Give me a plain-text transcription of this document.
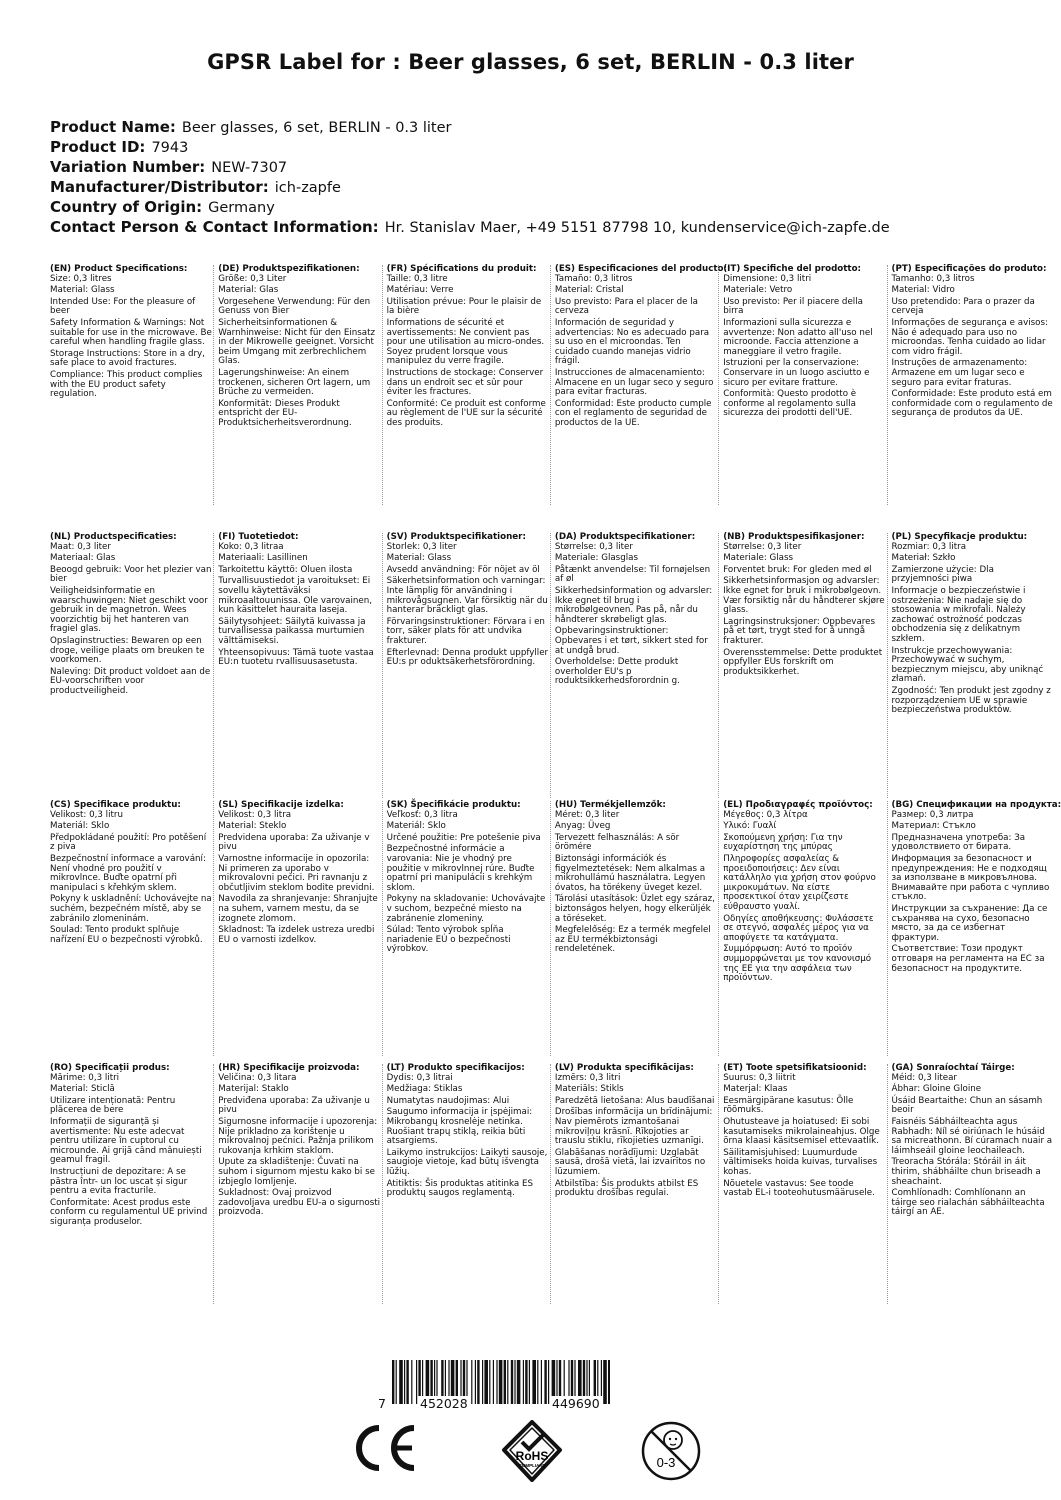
GPSR Label for : Beer glasses, 6 set, BERLIN - 0.3 liter
Product Name: Beer glasses, 6 set, BERLIN - 0.3 liter
Product ID: 7943
Variation Number: NEW-7307
Manufacturer/Distributor: ich-zapfe
Country of Origin: Germany
Contact Person & Contact Information: Hr. Stanislav Maer, +49 5151 87798 10, kundenservice@ich-zapfe.de
(EN) Product Specifications:
Size: 0,3 litres
Material: Glass
Intended Use: For the pleasure of beer
Safety Information & Warnings: Not suitable for use in the microwave. Be careful when handling fragile glass.
Storage Instructions: Store in a dry, safe place to avoid fractures.
Compliance: This product complies with the EU product safety regulation.
(DE) Produktspezifikationen:
Größe: 0,3 Liter
Material: Glas
Vorgesehene Verwendung: Für den Genuss von Bier
Sicherheitsinformationen & Warnhinweise: Nicht für den Einsatz in der Mikrowelle geeignet. Vorsicht beim Umgang mit zerbrechlichem Glas.
Lagerungshinweise: An einem trockenen, sicheren Ort lagern, um Brüche zu vermeiden.
Konformität: Dieses Produkt entspricht der EU-Produktsicherheitsverordnung.
(FR) Spécifications du produit:
Taille: 0,3 litre
Matériau: Verre
Utilisation prévue: Pour le plaisir de la bière
Informations de sécurité et avertissements: Ne convient pas pour une utilisation au micro-ondes. Soyez prudent lorsque vous manipulez du verre fragile.
Instructions de stockage: Conserver dans un endroit sec et sûr pour éviter les fractures.
Conformité: Ce produit est conforme au règlement de l'UE sur la sécurité des produits.
(ES) Especificaciones del producto:
Tamaño: 0,3 litros
Material: Cristal
Uso previsto: Para el placer de la cerveza
Información de seguridad y advertencias: No es adecuado para su uso en el microondas. Ten cuidado cuando manejas vidrio frágil.
Instrucciones de almacenamiento: Almacene en un lugar seco y seguro para evitar fracturas.
Conformidad: Este producto cumple con el reglamento de seguridad de productos de la UE.
(IT) Specifiche del prodotto:
Dimensione: 0,3 litri
Materiale: Vetro
Uso previsto: Per il piacere della birra
Informazioni sulla sicurezza e avvertenze: Non adatto all'uso nel microonde. Faccia attenzione a maneggiare il vetro fragile.
Istruzioni per la conservazione: Conservare in un luogo asciutto e sicuro per evitare fratture.
Conformità: Questo prodotto è conforme al regolamento sulla sicurezza dei prodotti dell'UE.
(PT) Especificações do produto:
Tamanho: 0,3 litros
Material: Vidro
Uso pretendido: Para o prazer da cerveja
Informações de segurança e avisos: Não é adequado para uso no microondas. Tenha cuidado ao lidar com vidro frágil.
Instruções de armazenamento: Armazene em um lugar seco e seguro para evitar fraturas.
Conformidade: Este produto está em conformidade com o regulamento de segurança de produtos da UE.
(NL) Productspecificaties:
Maat: 0,3 liter
Materiaal: Glas
Beoogd gebruik: Voor het plezier van bier
Veiligheidsinformatie en waarschuwingen: Niet geschikt voor gebruik in de magnetron. Wees voorzichtig bij het hanteren van fragiel glas.
Opslaginstructies: Bewaren op een droge, veilige plaats om breuken te voorkomen.
Naleving: Dit product voldoet aan de EU-voorschriften voor productveiligheid.
(FI) Tuotetiedot:
Koko: 0,3 litraa
Materiaali: Lasillinen
Tarkoitettu käyttö: Oluen ilosta
Turvallisuustiedot ja varoitukset: Ei sovellu käytettäväksi mikroaaltouunissa. Ole varovainen, kun käsittelet hauraita laseja.
Säilytysohjeet: Säilytä kuivassa ja turvallisessa paikassa murtumien välttämiseksi.
Yhteensopivuus: Tämä tuote vastaa EU:n tuotetu rvallisuusasetusta.
(SV) Produktspecifikationer:
Storlek: 0,3 liter
Material: Glass
Avsedd användning: För nöjet av öl
Säkerhetsinformation och varningar: Inte lämplig för användning i mikrovågsugnen. Var försiktig när du hanterar bräckligt glas.
Förvaringsinstruktioner: Förvara i en torr, säker plats för att undvika frakturer.
Efterlevnad: Denna produkt uppfyller EU:s pr oduktsäkerhetsförordning.
(DA) Produktspecifikationer:
Størrelse: 0,3 liter
Materiale: Glasglas
Påtænkt anvendelse: Til fornøjelsen af øl
Sikkerhedsinformation og advarsler: Ikke egnet til brug i mikrobølgeovnen. Pas på, når du håndterer skrøbeligt glas.
Opbevaringsinstruktioner: Opbevares i et tørt, sikkert sted for at undgå brud.
Overholdelse: Dette produkt overholder EU's p roduktsikkerhedsforordnin g.
(NB) Produktspesifikasjoner:
Størrelse: 0,3 liter
Materiale: Glass
Forventet bruk: For gleden med øl
Sikkerhetsinformasjon og advarsler: Ikke egnet for bruk i mikrobølgeovn. Vær forsiktig når du håndterer skjøre glass.
Lagringsinstruksjoner: Oppbevares på et tørt, trygt sted for å unngå frakturer.
Overensstemmelse: Dette produktet oppfyller EUs forskrift om produktsikkerhet.
(PL) Specyfikacje produktu:
Rozmiar: 0,3 litra
Materiał: Szkło
Zamierzone użycie: Dla przyjemności piwa
Informacje o bezpieczeństwie i ostrzeżenia: Nie nadaje się do stosowania w mikrofali. Należy zachować ostrożność podczas obchodzenia się z delikatnym szkłem.
Instrukcje przechowywania: Przechowywać w suchym, bezpiecznym miejscu, aby uniknąć złamań.
Zgodność: Ten produkt jest zgodny z rozporządzeniem UE w sprawie bezpieczeństwa produktów.
(CS) Specifikace produktu:
Velikost: 0,3 litru
Materiál: Sklo
Předpokládané použití: Pro potěšení z piva
Bezpečnostní informace a varování: Není vhodné pro použití v mikrovlnce. Buďte opatrní při manipulaci s křehkým sklem.
Pokyny k uskladnění: Uchovávejte na suchém, bezpečném místě, aby se zabránilo zlomeninám.
Soulad: Tento produkt splňuje nařízení EU o bezpečnosti výrobků.
(SL) Specifikacije izdelka:
Velikost: 0,3 litra
Material: Steklo
Predvidena uporaba: Za uživanje v pivu
Varnostne informacije in opozorila: Ni primeren za uporabo v mikrovalovni pečici. Pri ravnanju z občutljivim steklom bodite previdni.
Navodila za shranjevanje: Shranjujte na suhem, varnem mestu, da se izognete zlomom.
Skladnost: Ta izdelek ustreza uredbi EU o varnosti izdelkov.
(SK) Špecifikácie produktu:
Veľkosť: 0,3 litra
Materiál: Sklo
Určené použitie: Pre potešenie piva
Bezpečnostné informácie a varovania: Nie je vhodný pre použitie v mikrovlnnej rúre. Buďte opatrní pri manipulácii s krehkým sklom.
Pokyny na skladovanie: Uchovávajte v suchom, bezpečné miesto na zabránenie zlomeniny.
Súlad: Tento výrobok spĺňa nariadenie EÚ o bezpečnosti výrobkov.
(HU) Termékjellemzők:
Méret: 0,3 liter
Anyag: Üveg
Tervezett felhasználás: A sör örömére
Biztonsági információk és figyelmeztetések: Nem alkalmas a mikrohullámú használatra. Legyen óvatos, ha törékeny üveget kezel.
Tárolási utasítások: Üzlet egy száraz, biztonságos helyen, hogy elkerüljék a töréseket.
Megfelelőség: Ez a termék megfelel az EU termékbiztonsági rendeletének.
(EL) Προδιαγραφές προϊόντος:
Μέγεθος: 0,3 λίτρα
Υλικό: Γυαλί
Σκοπούμενη χρήση: Για την ευχαρίστηση της μπύρας
Πληροφορίες ασφαλείας & προειδοποιήσεις: Δεν είναι κατάλληλο για χρήση στον φούρνο μικροκυμάτων. Να είστε προσεκτικοί όταν χειρίζεστε εύθραυστο γυαλί.
Οδηγίες αποθήκευσης: Φυλάσσετε σε στεγνό, ασφαλές μέρος για να αποφύγετε τα κατάγματα.
Συμμόρφωση: Αυτό το προϊόν συμμορφώνεται με τον κανονισμό της ΕΕ για την ασφάλεια των προϊόντων.
(BG) Спецификации на продукта:
Размер: 0,3 литра
Материал: Стъкло
Предназначена употреба: За удоволствието от бирата.
Информация за безопасност и предупреждения: Не е подходящ за използване в микровълнова. Внимавайте при работа с чупливо стъкло.
Инструкции за съхранение: Да се съхранява на сухо, безопасно място, за да се избегнат фрактури.
Съответствие: Този продукт отговаря на регламента на ЕС за безопасност на продуктите.
(RO) Specificații produs:
Mărime: 0,3 litri
Material: Sticlă
Utilizare intenționată: Pentru plăcerea de bere
Informații de siguranță și avertismente: Nu este adecvat pentru utilizare în cuptorul cu microunde. Ai grijă când mânuiești geamul fragil.
Instrucțiuni de depozitare: A se păstra într- un loc uscat și sigur pentru a evita fracturile.
Conformitate: Acest produs este conform cu regulamentul UE privind siguranța produselor.
(HR) Specifikacije proizvoda:
Veličina: 0,3 litara
Materijal: Staklo
Predviđena uporaba: Za uživanje u pivu
Sigurnosne informacije i upozorenja: Nije prikladno za korištenje u mikrovalnoj pećnici. Pažnja prilikom rukovanja krhkim staklom.
Upute za skladištenje: Čuvati na suhom i sigurnom mjestu kako bi se izbjeglo lomljenje.
Sukladnost: Ovaj proizvod zadovoljava uredbu EU-a o sigurnosti proizvoda.
(LT) Produkto specifikacijos:
Dydis: 0,3 litrai
Medžiaga: Stiklas
Numatytas naudojimas: Alui
Saugumo informacija ir įspėjimai: Mikrobangų krosnelėje netinka. Ruošiant trapų stiklą, reikia būti atsargiems.
Laikymo instrukcijos: Laikyti sausoje, saugioje vietoje, kad būtų išvengta lūžių.
Atitiktis: Šis produktas atitinka ES produktų saugos reglamentą.
(LV) Produkta specifikācijas:
Izmērs: 0,3 litri
Materiāls: Stikls
Paredzētā lietošana: Alus baudīšanai
Drošības informācija un brīdinājumi: Nav piemērots izmantošanai mikroviļņu krāsnī. Rīkojoties ar trauslu stiklu, rīkojieties uzmanīgi.
Glabāšanas norādījumi: Uzglabāt sausā, drošā vietā, lai izvairītos no lūzumiem.
Atbilstība: Šis produkts atbilst ES produktu drošības regulai.
(ET) Toote spetsifikatsioonid:
Suurus: 0,3 liitrit
Materjal: Klaas
Eesmärgipärane kasutus: Õlle rõõmuks.
Ohutusteave ja hoiatused: Ei sobi kasutamiseks mikrolaineahjus. Olge õrna klaasi käsitsemisel ettevaatlik.
Säilitamisjuhised: Luumurdude vältimiseks hoida kuivas, turvalises kohas.
Nõuetele vastavus: See toode vastab EL-i tooteohutusmäärusele.
(GA) Sonraíochtaí Táirge:
Méid: 0,3 litear
Ábhar: Gloine Gloine
Úsáid Beartaithe: Chun an sásamh beoir
Faisnéis Sábháilteachta agus Rabhadh: Níl sé oiriúnach le húsáid sa micreathonn. Bí cúramach nuair a láimhseáil gloine leochaileach.
Treoracha Stórála: Stóráil in áit thirim, shábháilte chun briseadh a sheachaint.
Comhlíonadh: Comhlíonann an táirge seo rialachán sábháilteachta táirgí an AE.
7	452028	449690
RoHS
COMPLIANT	0-3
